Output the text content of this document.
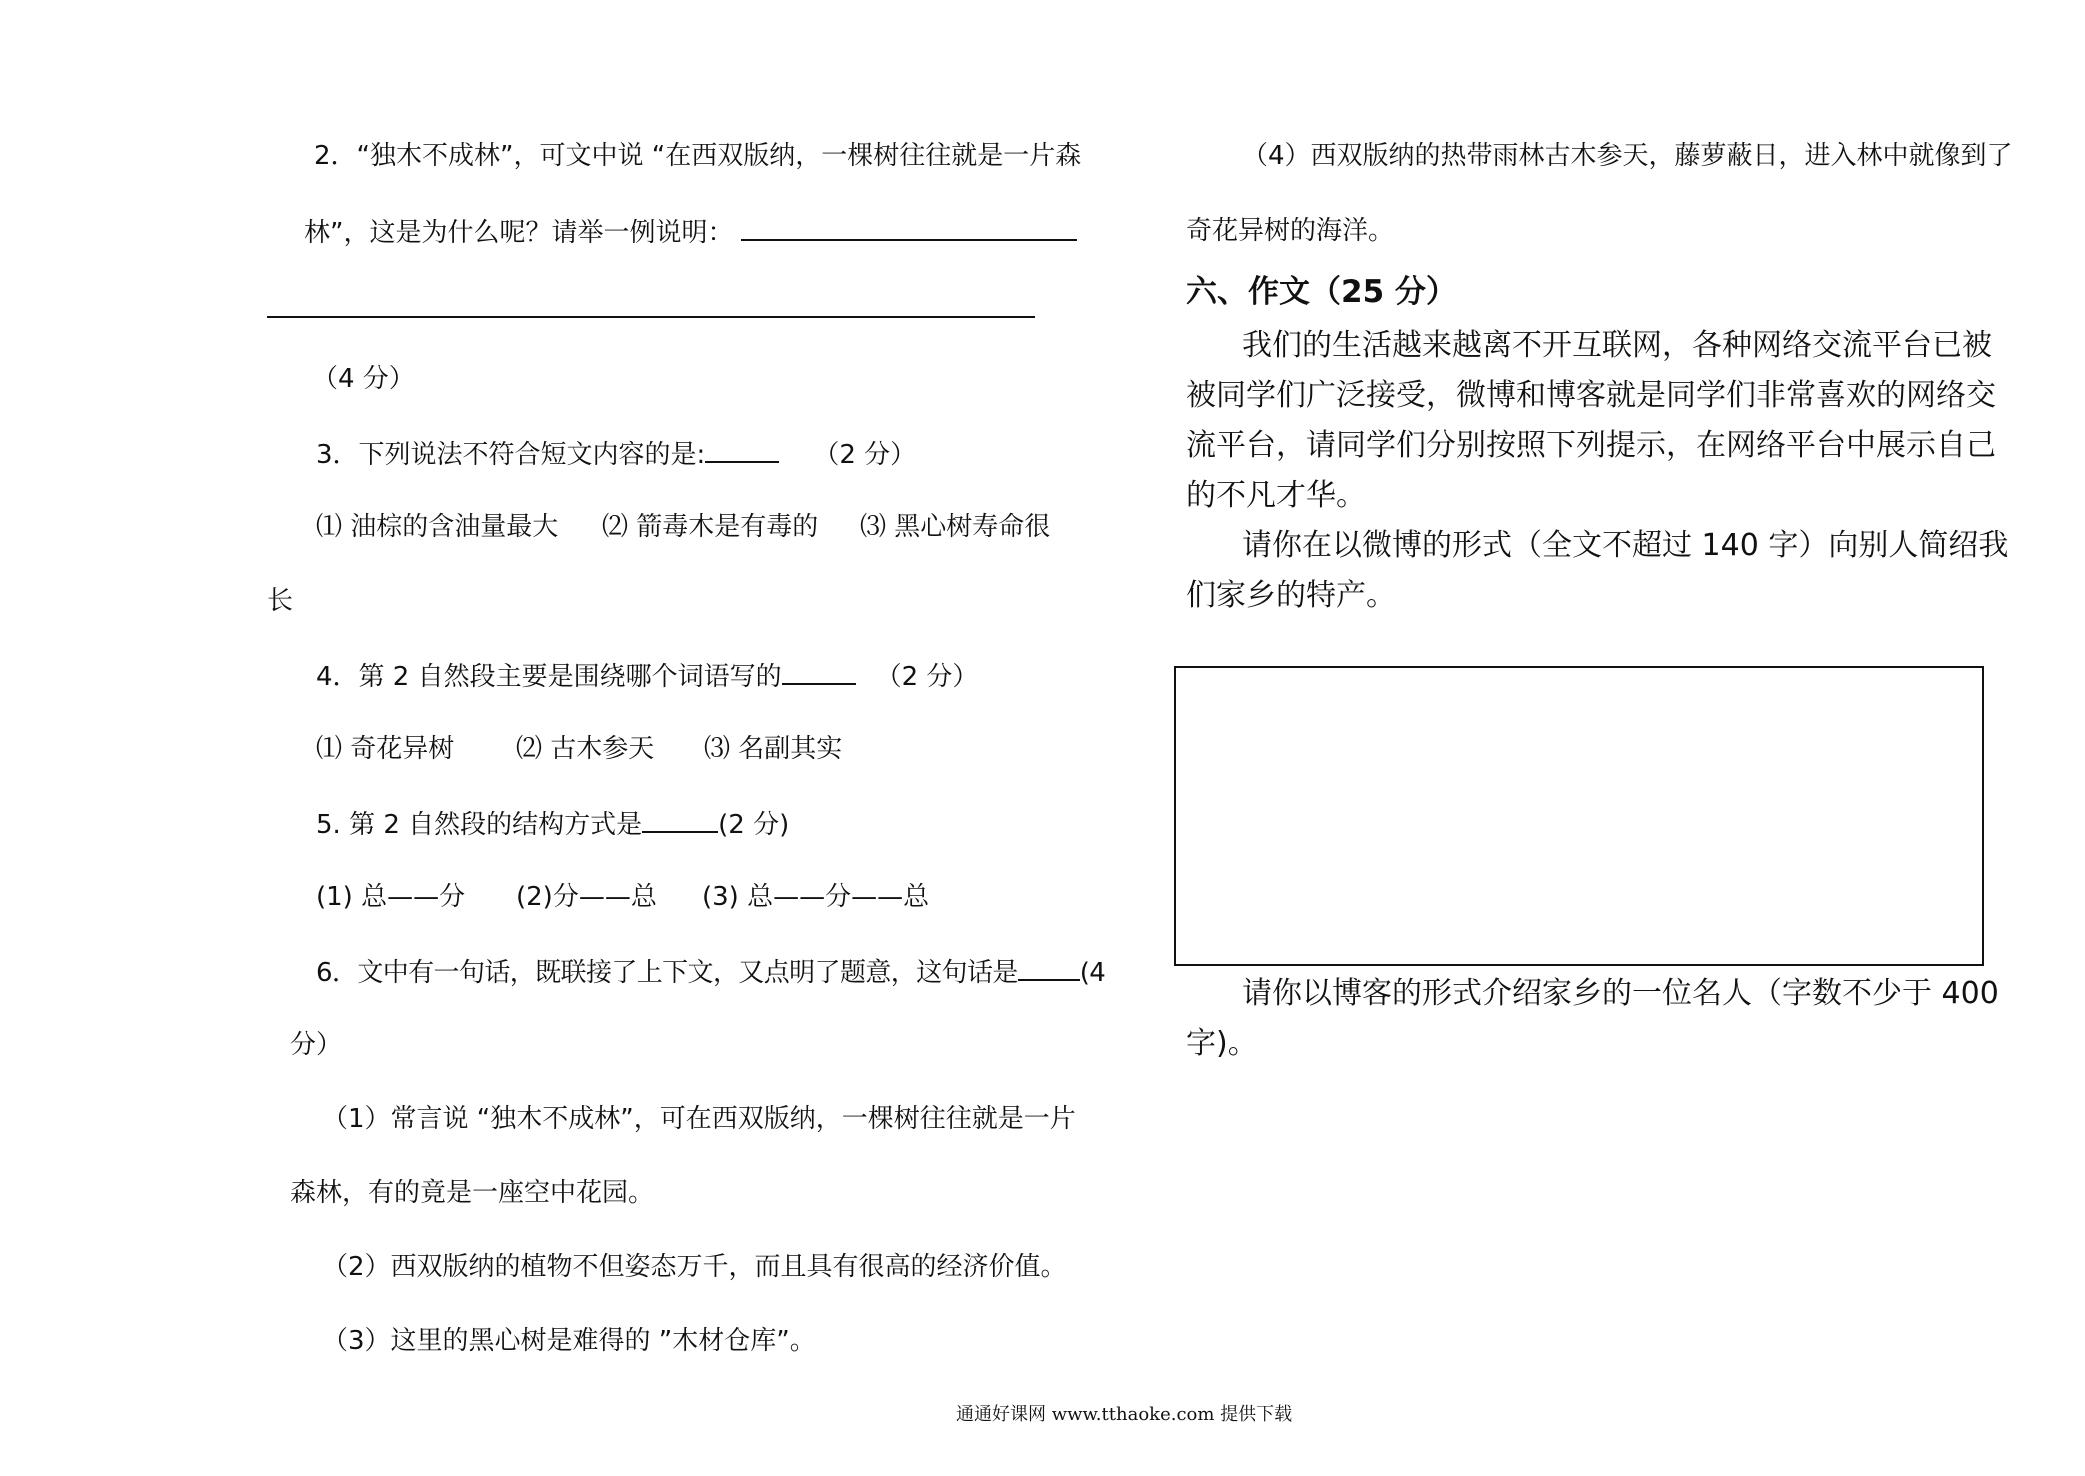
2．“独木不成林”，可文中说 “在西双版纳，一棵树往往就是一片森
林”，这是为什么呢？请举一例说明：
（4 分）
3．下列说法不符合短文内容的是:	（2 分）
⑴ 油棕的含油量最大 ⑵ 箭毒木是有毒的 ⑶ 黑心树寿命很
长
4．第 2 自然段主要是围绕哪个词语写的	（2 分）
⑴ 奇花异树 ⑵ 古木参天 ⑶ 名副其实
5. 第 2 自然段的结构方式是	(2 分)
(1) 总——分 (2)分——总 (3) 总——分——总
6．文中有一句话，既联接了上下文，又点明了题意，这句话是 (4
分）
（1）常言说 “独木不成林”，可在西双版纳，一棵树往往就是一片
森林，有的竟是一座空中花园。
（2）西双版纳的植物不但姿态万千，而且具有很高的经济价值。
（3）这里的黑心树是难得的 ”木材仓库”。
（4）西双版纳的热带雨林古木参天，藤萝蔽日，进入林中就像到了
奇花异树的海洋。
六、作文（25 分）
我们的生活越来越离不开互联网，各种网络交流平台已被
被同学们广泛接受，微博和博客就是同学们非常喜欢的网络交
流平台，请同学们分别按照下列提示，在网络平台中展示自己
的不凡才华。
请你在以微博的形式（全文不超过 140 字）向别人简绍我
们家乡的特产。
请你以博客的形式介绍家乡的一位名人（字数不少于 400
字)。
通通好课网 www.tthaoke.com 提供下载
